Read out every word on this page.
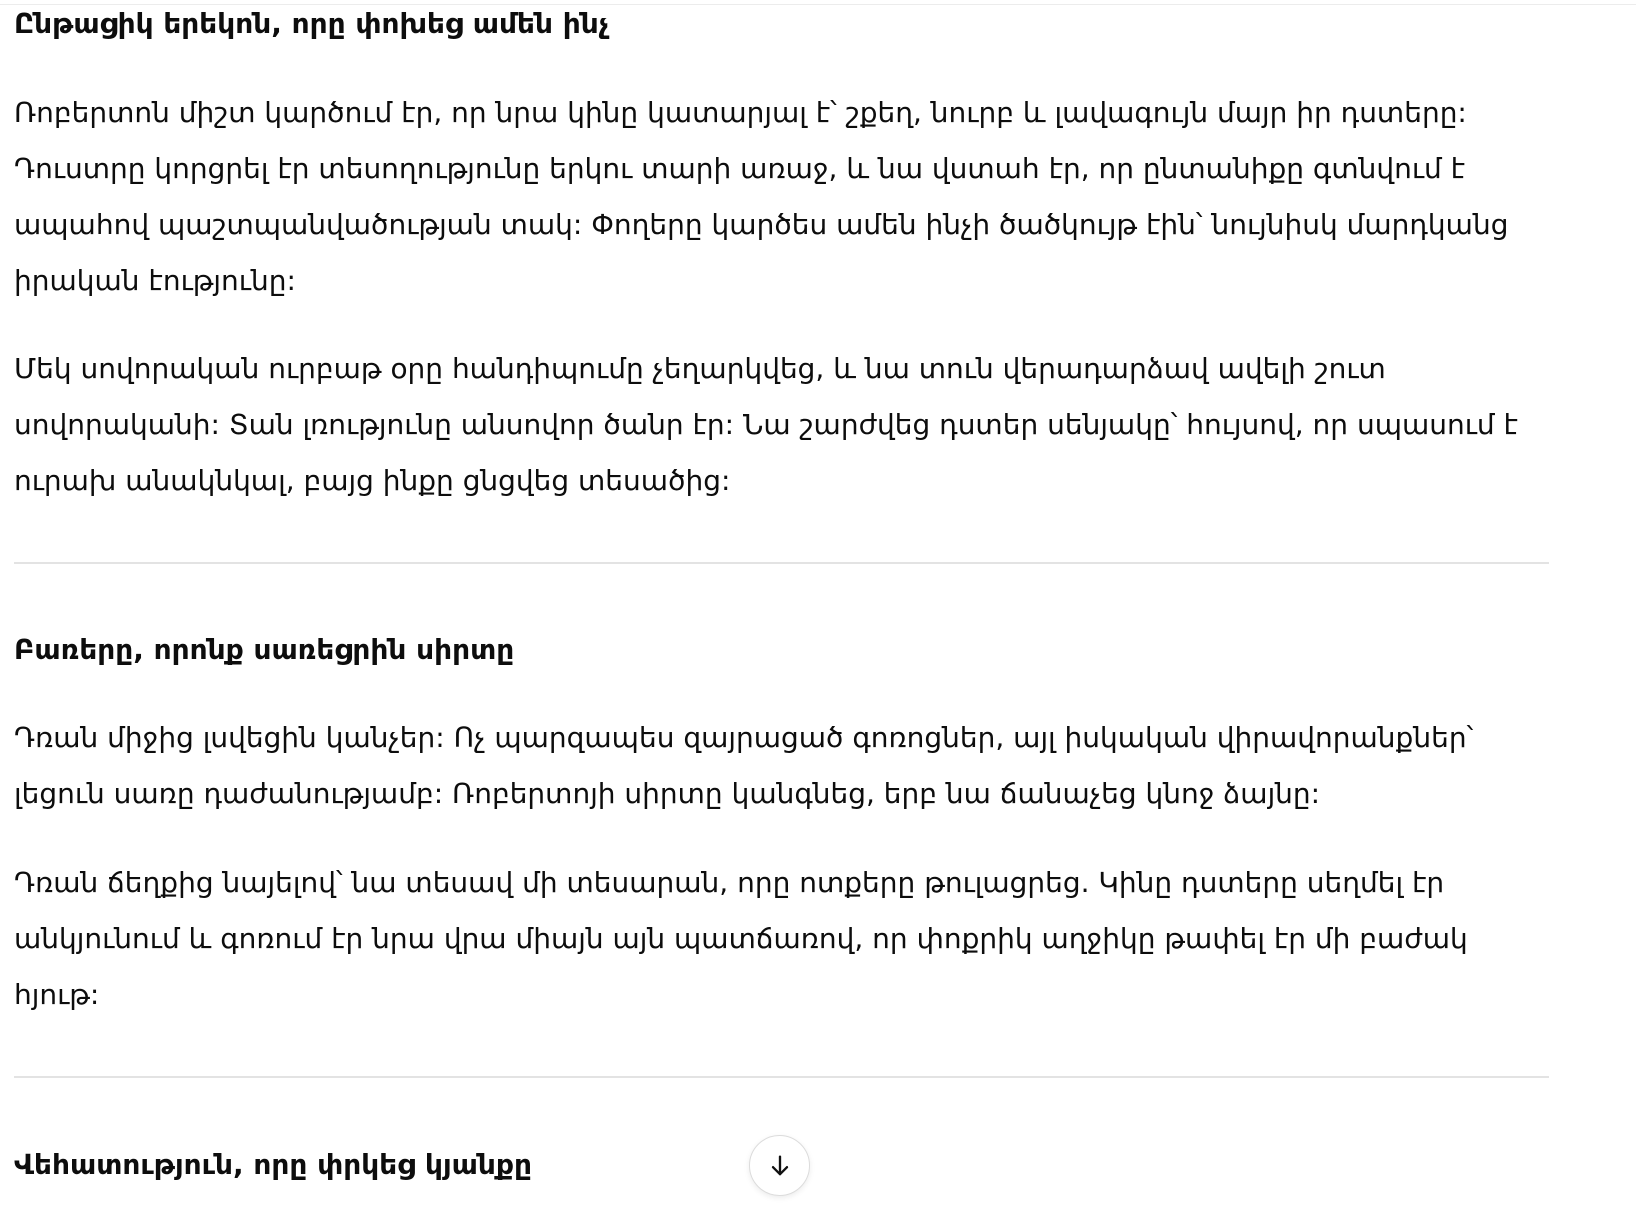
Ընթացիկ երեկոն, որը փոխեց ամեն ինչ

Ռոբերտոն միշտ կարծում էր, որ նրա կինը կատարյալ է՝ շքեղ, նուրբ և լավագույն մայր իր դստերը: Դուստրը կորցրել էր տեսողությունը երկու տարի առաջ, և նա վստահ էր, որ ընտանիքը գտնվում է ապահով պաշտպանվածության տակ: Փողերը կարծես ամեն ինչի ծածկույթ էին՝ նույնիսկ մարդկանց իրական էությունը:

Մեկ սովորական ուրբաթ օրը հանդիպումը չեղարկվեց, և նա տուն վերադարձավ ավելի շուտ սովորականի: Տան լռությունը անսովոր ծանր էր: Նա շարժվեց դստեր սենյակը՝ հույսով, որ սպասում է ուրախ անակնկալ, բայց ինքը ցնցվեց տեսածից:

Բառերը, որոնք սառեցրին սիրտը

Դռան միջից լսվեցին կանչեր: Ոչ պարզապես զայրացած գոռոցներ, այլ իսկական վիրավորանքներ՝ լեցուն սառը դաժանությամբ: Ռոբերտոյի սիրտը կանգնեց, երբ նա ճանաչեց կնոջ ձայնը:

Դռան ճեղքից նայելով՝ նա տեսավ մի տեսարան, որը ոտքերը թուլացրեց. Կինը դստերը սեղմել էր անկյունում և գոռում էր նրա վրա միայն այն պատճառով, որ փոքրիկ աղջիկը թափել էր մի բաժակ հյութ:

Վեհատություն, որը փրկեց կյանքը
